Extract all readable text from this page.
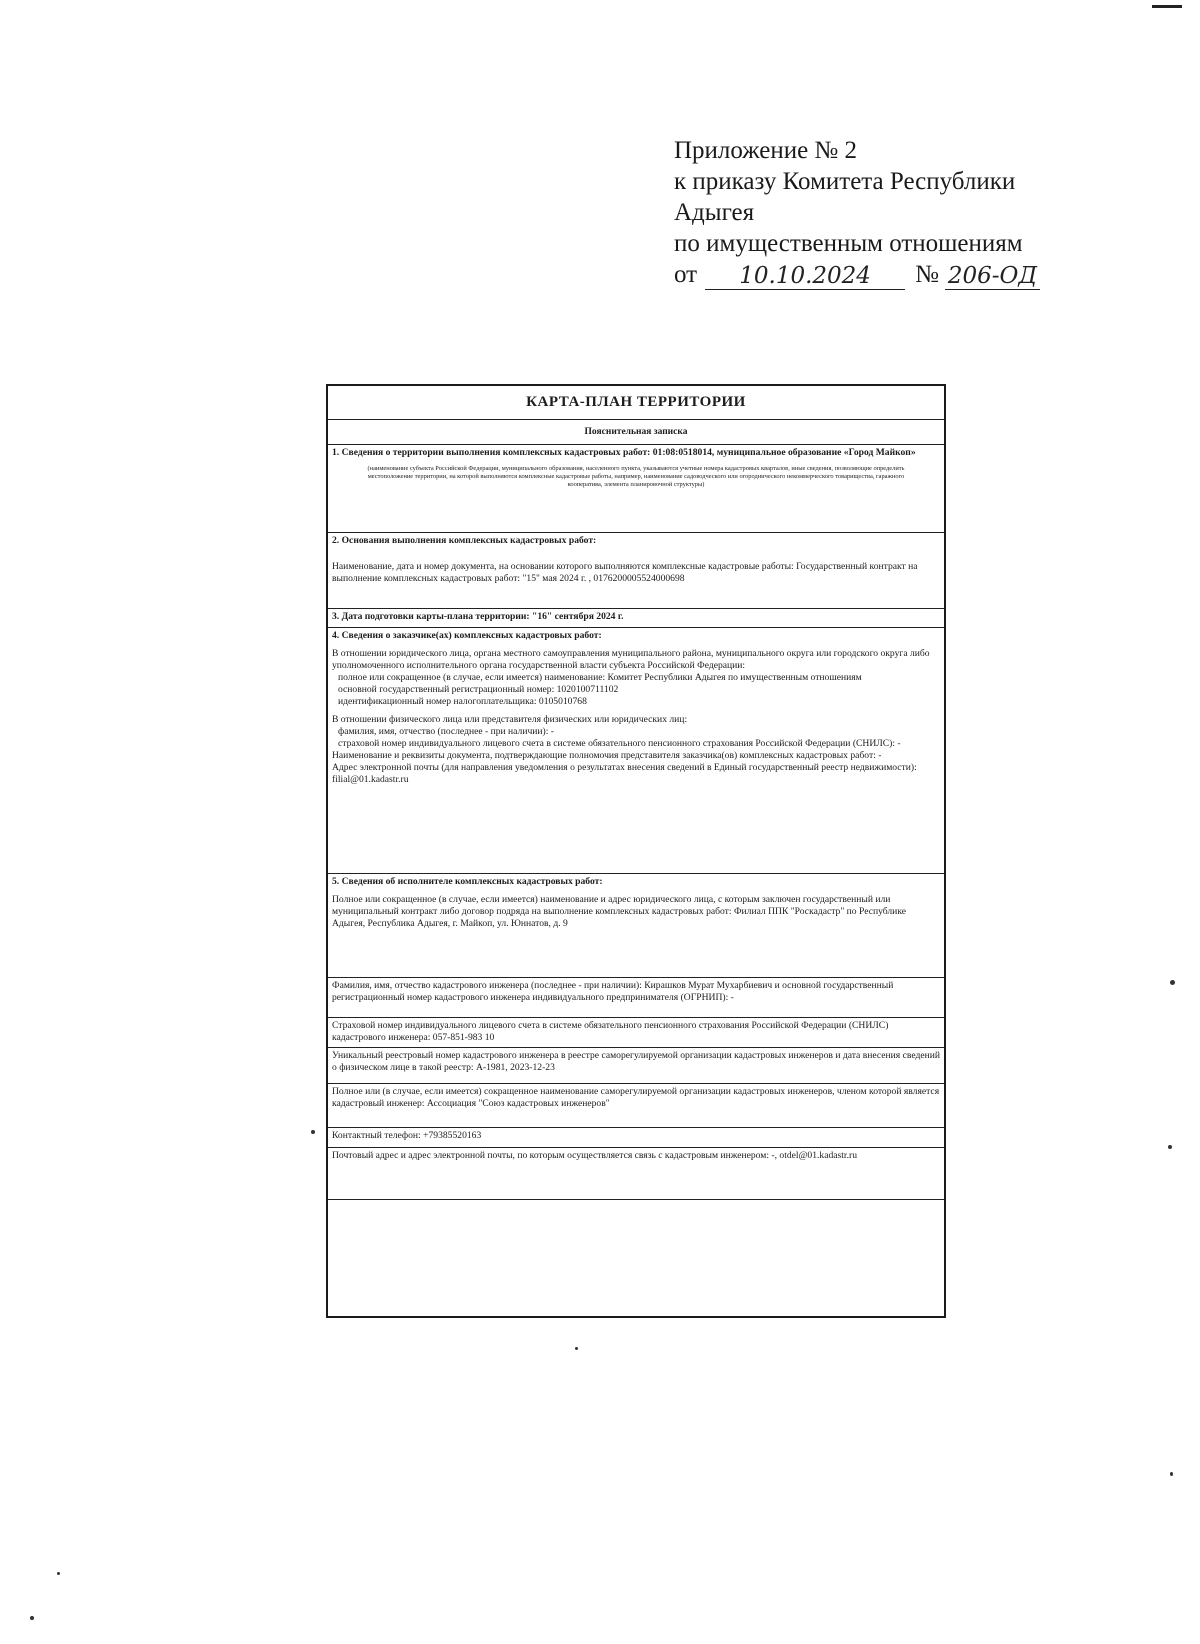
Приложение № 2
к приказу Комитета Республики
Адыгея
по имущественным отношениям
от	10.10.2024	№ 206-ОД
КАРТА-ПЛАН ТЕРРИТОРИИ
Пояснительная записка
1. Сведения о территории выполнения комплексных кадастровых работ: 01:08:0518014, муниципальное образование «Город Майкоп»
(наименование субъекта Российской Федерации, муниципального образования, населенного пункта, указываются учетные номера кадастровых кварталов, иные сведения, позволяющие определить местоположение территории, на которой выполняются комплексные кадастровые работы, например, наименование садоводческого или огороднического некоммерческого товарищества, гаражного кооператива, элемента планировочной структуры)
2. Основания выполнения комплексных кадастровых работ:
Наименование, дата и номер документа, на основании которого выполняются комплексные кадастровые работы: Государственный контракт на выполнение комплексных кадастровых работ: "15" мая 2024 г. , 0176200005524000698
3. Дата подготовки карты-плана территории: "16" сентября 2024 г.
4. Сведения о заказчике(ах) комплексных кадастровых работ:
В отношении юридического лица, органа местного самоуправления муниципального района, муниципального округа или городского округа либо уполномоченного исполнительного органа государственной власти субъекта Российской Федерации:
полное или сокращенное (в случае, если имеется) наименование: Комитет Республики Адыгея по имущественным отношениям
основной государственный регистрационный номер: 1020100711102
идентификационный номер налогоплательщика: 0105010768
В отношении физического лица или представителя физических или юридических лиц:
фамилия, имя, отчество (последнее - при наличии): -
страховой номер индивидуального лицевого счета в системе обязательного пенсионного страхования Российской Федерации (СНИЛС): -
Наименование и реквизиты документа, подтверждающие полномочия представителя заказчика(ов) комплексных кадастровых работ: -
Адрес электронной почты (для направления уведомления о результатах внесения сведений в Единый государственный реестр недвижимости): filial@01.kadastr.ru
5. Сведения об исполнителе комплексных кадастровых работ:
Полное или сокращенное (в случае, если имеется) наименование и адрес юридического лица, с которым заключен государственный или муниципальный контракт либо договор подряда на выполнение комплексных кадастровых работ: Филиал ППК "Роскадастр" по Республике Адыгея, Республика Адыгея, г. Майкоп, ул. Юннатов, д. 9
Фамилия, имя, отчество кадастрового инженера (последнее - при наличии): Кирашков Мурат Мухарбиевич и основной государственный регистрационный номер кадастрового инженера индивидуального предпринимателя (ОГРНИП): -
Страховой номер индивидуального лицевого счета в системе обязательного пенсионного страхования Российской Федерации (СНИЛС) кадастрового инженера: 057-851-983 10
Уникальный реестровый номер кадастрового инженера в реестре саморегулируемой организации кадастровых инженеров и дата внесения сведений о физическом лице в такой реестр: А-1981, 2023-12-23
Полное или (в случае, если имеется) сокращенное наименование саморегулируемой организации кадастровых инженеров, членом которой является кадастровый инженер: Ассоциация "Союз кадастровых инженеров"
Контактный телефон: +79385520163
Почтовый адрес и адрес электронной почты, по которым осуществляется связь с кадастровым инженером: -, otdel@01.kadastr.ru
